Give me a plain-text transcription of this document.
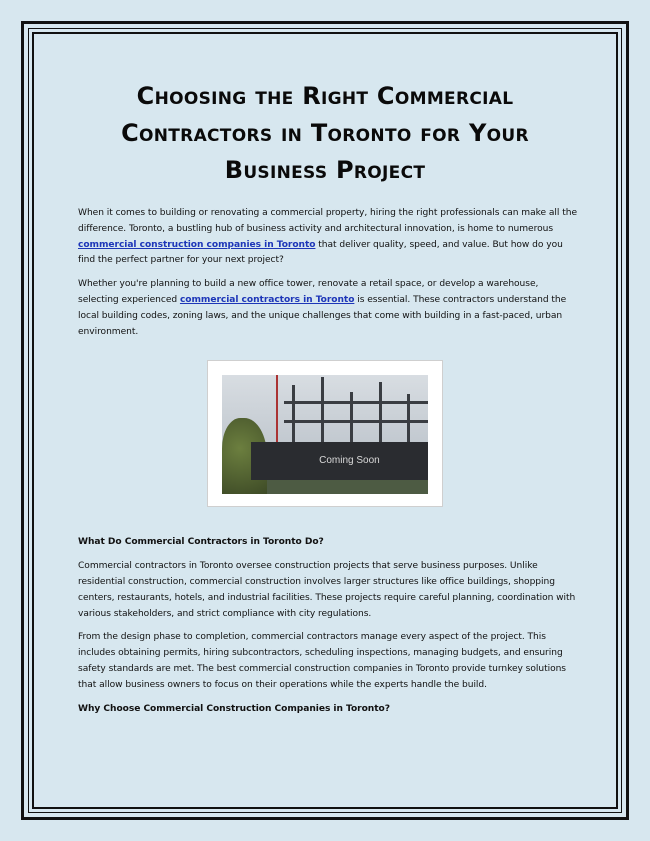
Choosing the Right Commercial
Contractors in Toronto for Your
Business Project

When it comes to building or renovating a commercial property, hiring the right professionals can make all the difference. Toronto, a bustling hub of business activity and architectural innovation, is home to numerous commercial construction companies in Toronto that deliver quality, speed, and value. But how do you find the perfect partner for your next project?

Whether you're planning to build a new office tower, renovate a retail space, or develop a warehouse, selecting experienced commercial contractors in Toronto is essential. These contractors understand the local building codes, zoning laws, and the unique challenges that come with building in a fast-paced, urban environment.

What Do Commercial Contractors in Toronto Do?

Commercial contractors in Toronto oversee construction projects that serve business purposes. Unlike residential construction, commercial construction involves larger structures like office buildings, shopping centers, restaurants, hotels, and industrial facilities. These projects require careful planning, coordination with various stakeholders, and strict compliance with city regulations.

From the design phase to completion, commercial contractors manage every aspect of the project. This includes obtaining permits, hiring subcontractors, scheduling inspections, managing budgets, and ensuring safety standards are met. The best commercial construction companies in Toronto provide turnkey solutions that allow business owners to focus on their operations while the experts handle the build.

Why Choose Commercial Construction Companies in Toronto?
Coming Soon
